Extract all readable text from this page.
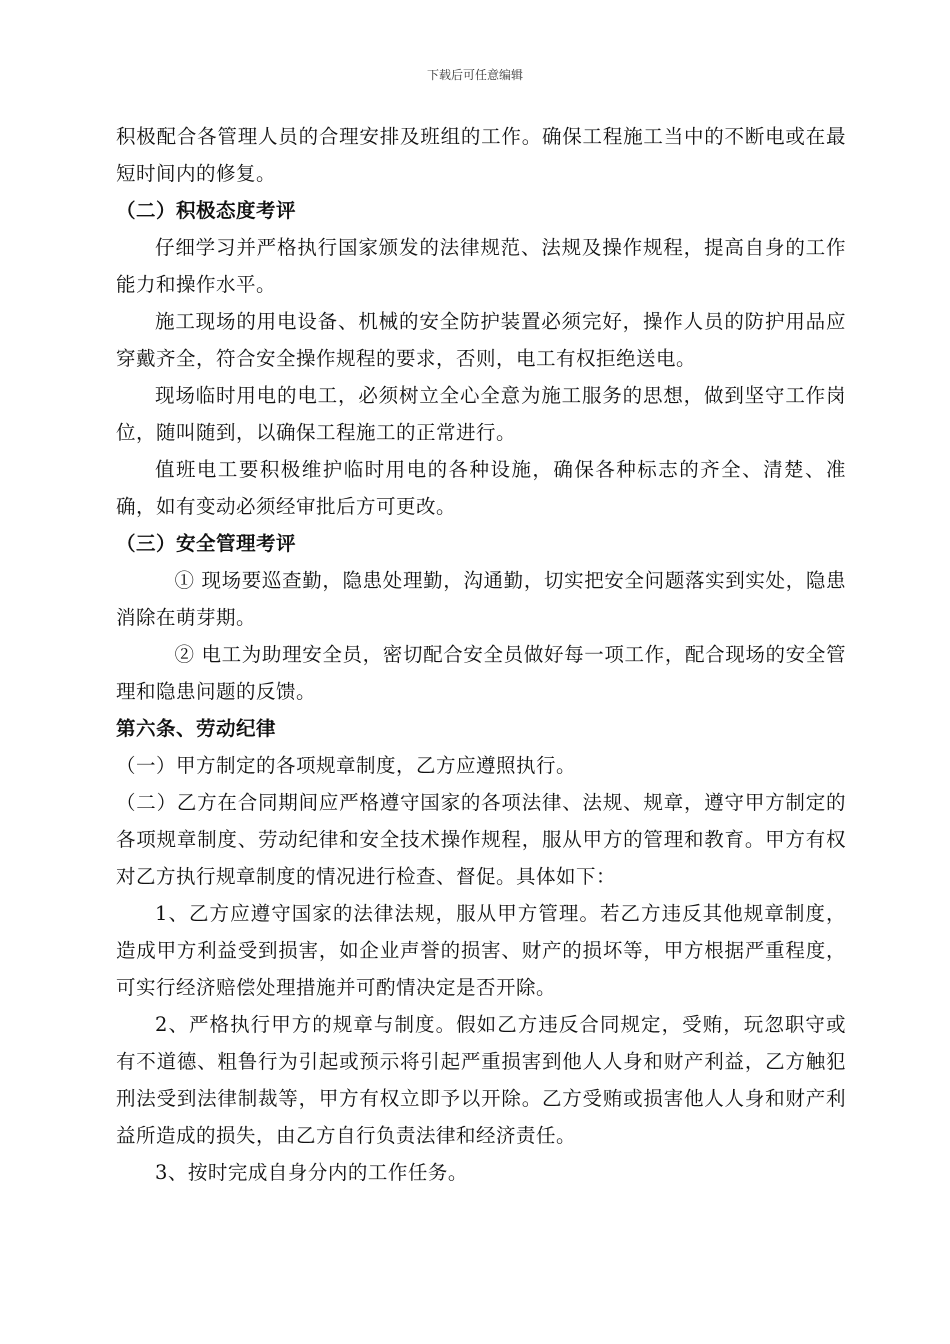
下载后可任意编辑

积极配合各管理人员的合理安排及班组的工作。确保工程施工当中的不断电或在最短时间内的修复。

（二）积极态度考评

仔细学习并严格执行国家颁发的法律规范、法规及操作规程，提高自身的工作能力和操作水平。

施工现场的用电设备、机械的安全防护装置必须完好，操作人员的防护用品应穿戴齐全，符合安全操作规程的要求，否则，电工有权拒绝送电。

现场临时用电的电工，必须树立全心全意为施工服务的思想，做到坚守工作岗位，随叫随到，以确保工程施工的正常进行。

值班电工要积极维护临时用电的各种设施，确保各种标志的齐全、清楚、准确，如有变动必须经审批后方可更改。

（三）安全管理考评

① 现场要巡查勤，隐患处理勤，沟通勤，切实把安全问题落实到实处，隐患消除在萌芽期。

② 电工为助理安全员，密切配合安全员做好每一项工作，配合现场的安全管理和隐患问题的反馈。

第六条、劳动纪律

（一）甲方制定的各项规章制度，乙方应遵照执行。

（二）乙方在合同期间应严格遵守国家的各项法律、法规、规章，遵守甲方制定的各项规章制度、劳动纪律和安全技术操作规程，服从甲方的管理和教育。甲方有权对乙方执行规章制度的情况进行检查、督促。具体如下：

1、乙方应遵守国家的法律法规，服从甲方管理。若乙方违反其他规章制度，造成甲方利益受到损害，如企业声誉的损害、财产的损坏等，甲方根据严重程度，可实行经济赔偿处理措施并可酌情决定是否开除。

2、严格执行甲方的规章与制度。假如乙方违反合同规定，受贿，玩忽职守或有不道德、粗鲁行为引起或预示将引起严重损害到他人人身和财产利益，乙方触犯刑法受到法律制裁等，甲方有权立即予以开除。乙方受贿或损害他人人身和财产利益所造成的损失，由乙方自行负责法律和经济责任。

3、按时完成自身分内的工作任务。
